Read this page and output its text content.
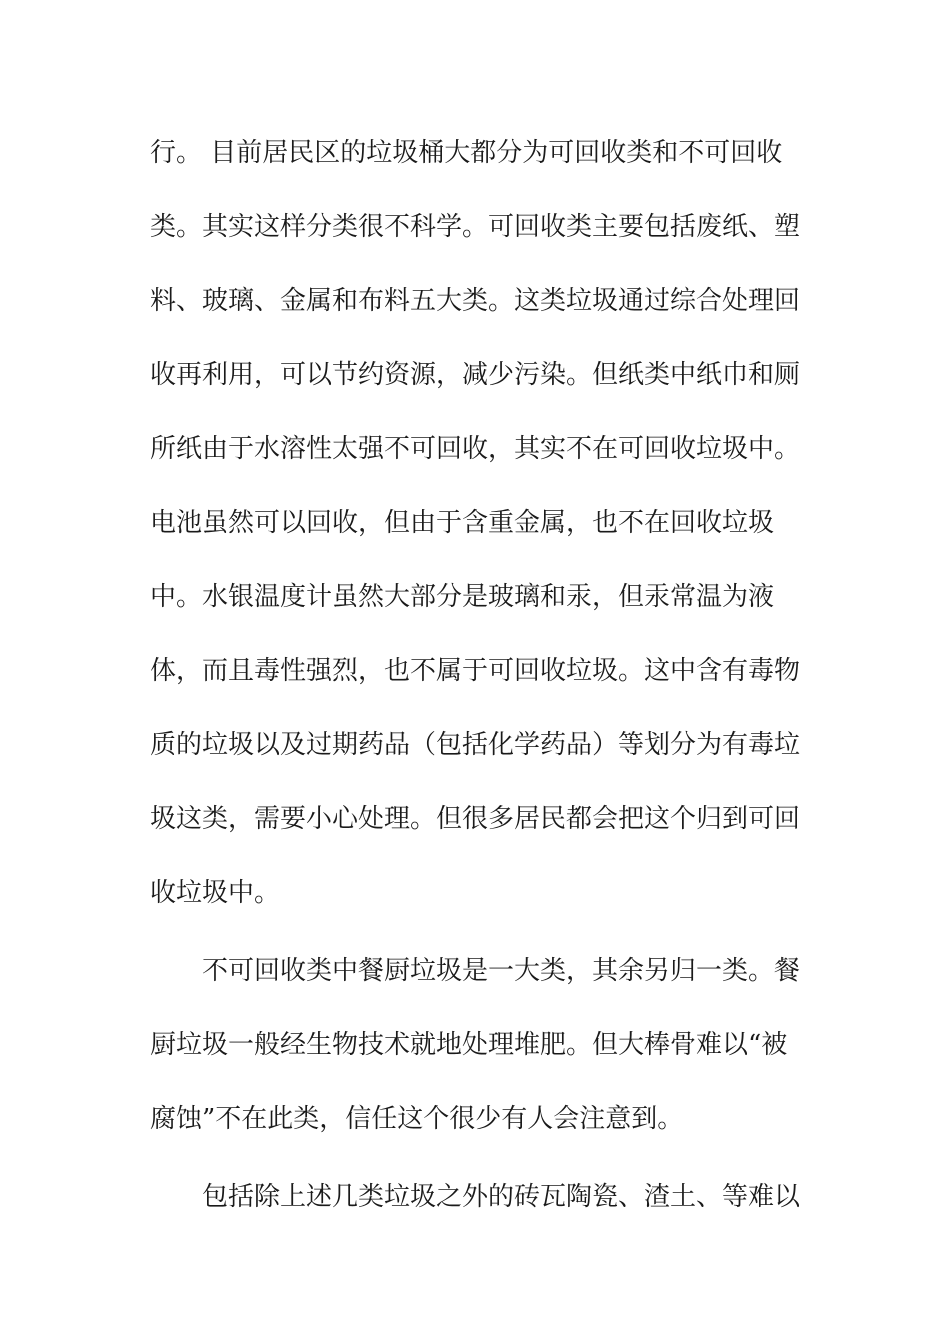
行。 目前居民区的垃圾桶大都分为可回收类和不可回收
类。其实这样分类很不科学。可回收类主要包括废纸、塑
料、玻璃、金属和布料五大类。这类垃圾通过综合处理回
收再利用，可以节约资源，减少污染。但纸类中纸巾和厕
所纸由于水溶性太强不可回收，其实不在可回收垃圾中。
电池虽然可以回收，但由于含重金属，也不在回收垃圾
中。水银温度计虽然大部分是玻璃和汞，但汞常温为液
体，而且毒性强烈，也不属于可回收垃圾。这中含有毒物
质的垃圾以及过期药品（包括化学药品）等划分为有毒垃
圾这类，需要小心处理。但很多居民都会把这个归到可回
收垃圾中。
不可回收类中餐厨垃圾是一大类，其余另归一类。餐
厨垃圾一般经生物技术就地处理堆肥。但大棒骨难以“被
腐蚀”不在此类，信任这个很少有人会注意到。
包括除上述几类垃圾之外的砖瓦陶瓷、渣土、等难以
